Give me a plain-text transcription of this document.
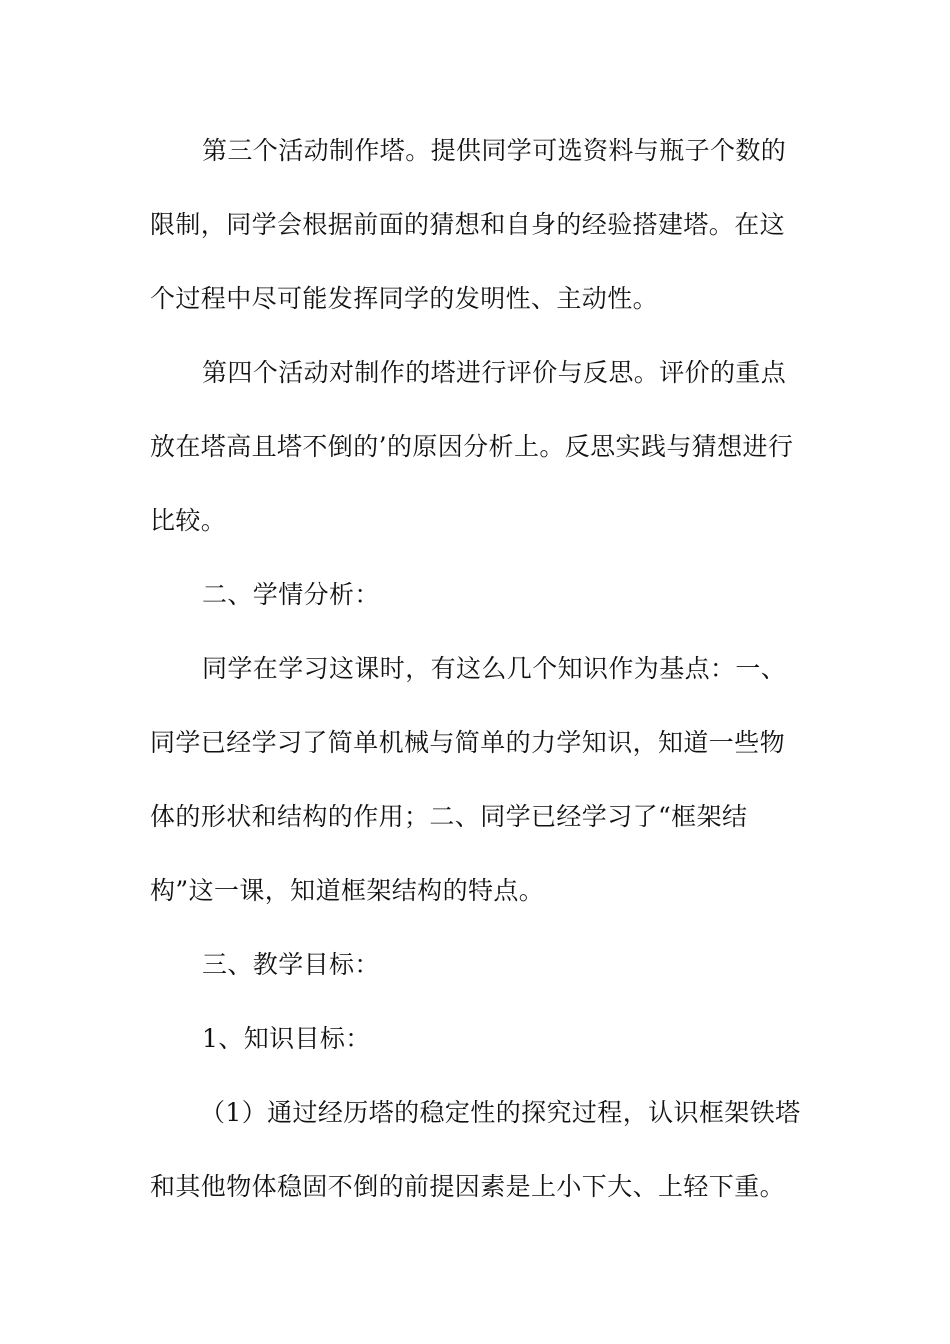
第三个活动制作塔。提供同学可选资料与瓶子个数的限制，同学会根据前面的猜想和自身的经验搭建塔。在这个过程中尽可能发挥同学的发明性、主动性。

第四个活动对制作的塔进行评价与反思。评价的重点放在塔高且塔不倒的’的原因分析上。反思实践与猜想进行比较。

二、学情分析：

同学在学习这课时，有这么几个知识作为基点：一、同学已经学习了简单机械与简单的力学知识，知道一些物体的形状和结构的作用；二、同学已经学习了“框架结构”这一课，知道框架结构的特点。

三、教学目标：

1、知识目标：

（1）通过经历塔的稳定性的探究过程，认识框架铁塔和其他物体稳固不倒的前提因素是上小下大、上轻下重。
